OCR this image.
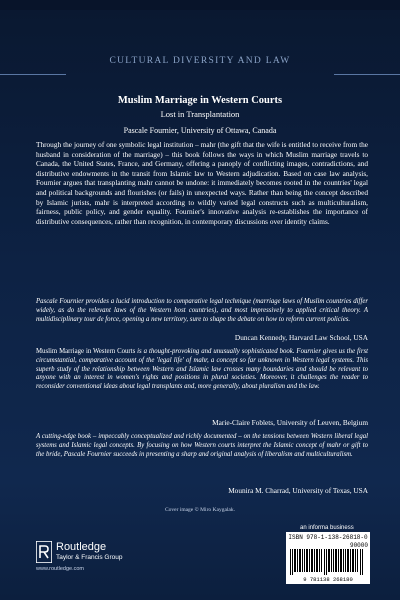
CULTURAL DIVERSITY AND LAW
Muslim Marriage in Western Courts
Lost in Transplantation
Pascale Fournier, University of Ottawa, Canada
Through the journey of one symbolic legal institution – mahr (the gift that the wife is entitled to receive from the husband in consideration of the marriage) – this book follows the ways in which Muslim marriage travels to Canada, the United States, France, and Germany, offering a panoply of conflicting images, contradictions, and distributive endowments in the transit from Islamic law to Western adjudication. Based on case law analysis, Fournier argues that transplanting mahr cannot be undone: it immediately becomes rooted in the countries' legal and political backgrounds and flourishes (or fails) in unexpected ways. Rather than being the concept described by Islamic jurists, mahr is interpreted according to wildly varied legal constructs such as multiculturalism, fairness, public policy, and gender equality. Fournier's innovative analysis re-establishes the importance of distributive consequences, rather than recognition, in contemporary discussions over identity claims.
Pascale Fournier provides a lucid introduction to comparative legal technique (marriage laws of Muslim countries differ widely, as do the relevant laws of the Western host countries), and most impressively to applied critical theory. A multidisciplinary tour de force, opening a new territory, sure to shape the debate on how to reform current policies.
Duncan Kennedy, Harvard Law School, USA
Muslim Marriage in Western Courts is a thought-provoking and unusually sophisticated book. Fournier gives us the first circumstantial, comparative account of the 'legal life' of mahr, a concept so far unknown in Western legal systems. This superb study of the relationship between Western and Islamic law crosses many boundaries and should be relevant to anyone with an interest in women's rights and positions in plural societies. Moreover, it challenges the reader to reconsider conventional ideas about legal transplants and, more generally, about pluralism and the law.
Marie-Claire Foblets, University of Leuven, Belgium
A cutting-edge book – impeccably conceptualized and richly documented – on the tensions between Western liberal legal systems and Islamic legal concepts. By focusing on how Western courts interpret the Islamic concept of mahr or gift to the bride, Pascale Fournier succeeds in presenting a sharp and original analysis of liberalism and multiculturalism.
Mounira M. Charrad, University of Texas, USA
Cover image © Miro Kaygalak.
an informa business
ISBN 978-1-138-26818-0
90000
9 781138 268180
Routledge
Taylor & Francis Group
www.routledge.com
